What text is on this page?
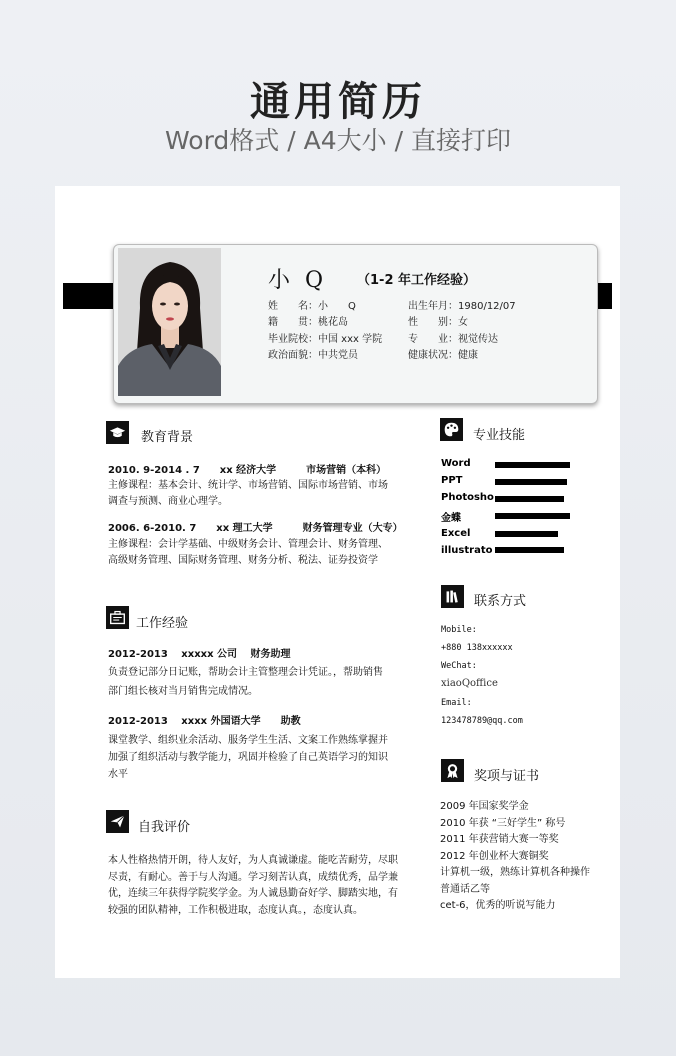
通用简历
Word格式 / A4大小 / 直接打印
小 Q （1-2 年工作经验）
姓　　名：小　　Q	出生年月：1980/12/07
籍　　贯：桃花岛	性　　别：女
毕业院校：中国 xxx 学院	专　　业：视觉传达
政治面貌：中共党员	健康状况：健康
教育背景
2010. 9-2014 . 7　　xx 经济大学　　　市场营销（本科）
主修课程：基本会计、统计学、市场营销、国际市场营销、市场
调查与预测、商业心理学。
2006. 6-2010. 7　　xx 理工大学　　　财务管理专业（大专）
主修课程：会计学基础、中级财务会计、管理会计、财务管理、
高级财务管理、国际财务管理、财务分析、税法、证券投资学
工作经验
2012-2013　 xxxxx 公司　 财务助理
负责登记部分日记账，帮助会计主管整理会计凭证。，帮助销售
部门组长核对当月销售完成情况。
2012-2013　 xxxx 外国语大学　　助教
课堂教学、组织业余活动、服务学生生活、文案工作熟练掌握并
加强了组织活动与教学能力，巩固并检验了自己英语学习的知识
水平
自我评价
本人性格热情开朗，待人友好，为人真诚谦虚。能吃苦耐劳，尽职
尽责，有耐心。善于与人沟通。学习刻苦认真，成绩优秀，品学兼
优，连续三年获得学院奖学金。为人诚恳勤奋好学、脚踏实地，有
较强的团队精神，工作积极进取，态度认真。，态度认真。
专业技能
Word
PPT
Photosho
金蝶
Excel
illustrato
联系方式
Mobile:
+880 138xxxxxx
WeChat:
xiaoQoffice
Email:
123478789@qq.com
奖项与证书
2009 年国家奖学金
2010 年获 “三好学生” 称号
2011 年获营销大赛一等奖
2012 年创业杯大赛铜奖
计算机一级，熟练计算机各种操作
普通话乙等
cet-6，优秀的听说写能力
